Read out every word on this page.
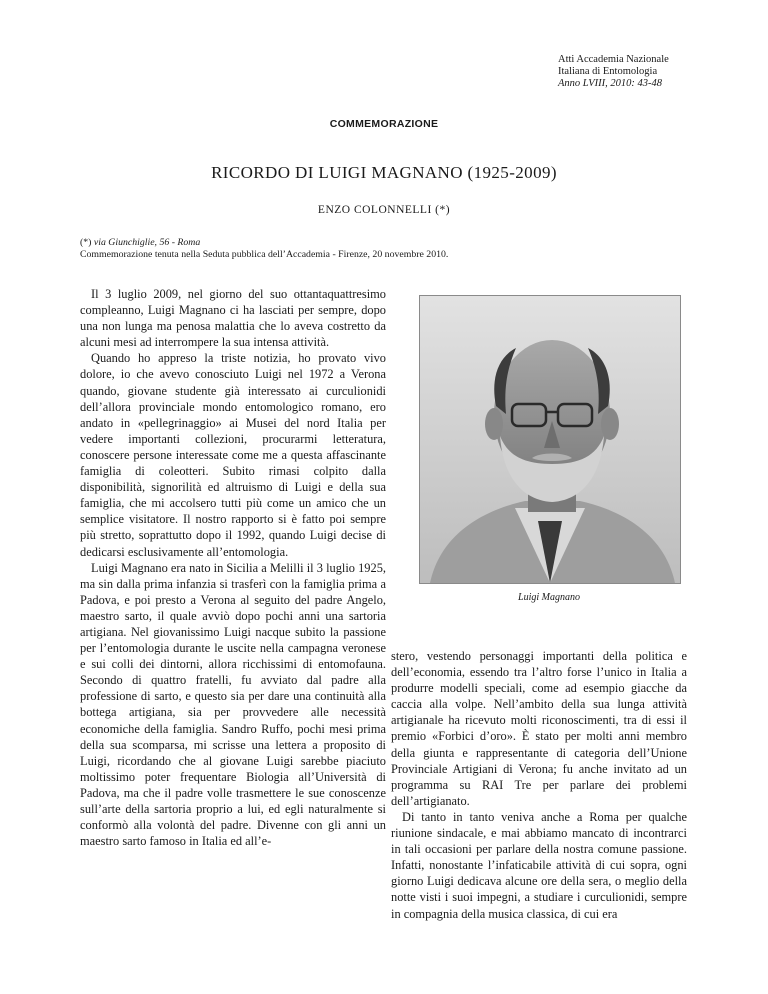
Atti Accademia Nazionale
Italiana di Entomologia
Anno LVIII, 2010: 43-48
COMMEMORAZIONE
RICORDO DI LUIGI MAGNANO (1925-2009)
ENZO COLONNELLI (*)
(*) via Giunchiglie, 56 - Roma
Commemorazione tenuta nella Seduta pubblica dell’Accademia - Firenze, 20 novembre 2010.

Il 3 luglio 2009, nel giorno del suo ottantaquattresimo compleanno, Luigi Magnano ci ha lasciati per sempre, dopo una non lunga ma penosa malattia che lo aveva costretto da alcuni mesi ad interrompere la sua intensa attività.

Quando ho appreso la triste notizia, ho provato vivo dolore, io che avevo conosciuto Luigi nel 1972 a Verona quando, giovane studente già interessato ai curculionidi dell’allora provinciale mondo entomologico romano, ero andato in «pellegrinaggio» ai Musei del nord Italia per vedere importanti collezioni, procurarmi letteratura, conoscere persone interessate come me a questa affascinante famiglia di coleotteri. Subito rimasi colpito dalla disponibilità, signorilità ed altruismo di Luigi e della sua famiglia, che mi accolsero tutti più come un amico che un semplice visitatore. Il nostro rapporto si è fatto poi sempre più stretto, soprattutto dopo il 1992, quando Luigi decise di dedicarsi esclusivamente all’entomologia.

Luigi Magnano era nato in Sicilia a Melilli il 3 luglio 1925, ma sin dalla prima infanzia si trasferì con la famiglia prima a Padova, e poi presto a Verona al seguito del padre Angelo, maestro sarto, il quale avviò dopo pochi anni una sartoria artigiana. Nel giovanissimo Luigi nacque subito la passione per l’entomologia durante le uscite nella campagna veronese e sui colli dei dintorni, allora ricchissimi di entomofauna. Secondo di quattro fratelli, fu avviato dal padre alla professione di sarto, e questo sia per dare una continuità alla bottega artigiana, sia per provvedere alle necessità economiche della famiglia. Sandro Ruffo, pochi mesi prima della sua scomparsa, mi scrisse una lettera a proposito di Luigi, ricordando che al giovane Luigi sarebbe piaciuto moltissimo poter frequentare Biologia all’Università di Padova, ma che il padre volle trasmettere le sue conoscenze sull’arte della sartoria proprio a lui, ed egli naturalmente si conformò alla volontà del padre. Divenne con gli anni un maestro sarto famoso in Italia ed all’e-

Luigi Magnano

stero, vestendo personaggi importanti della politica e dell’economia, essendo tra l’altro forse l’unico in Italia a produrre modelli speciali, come ad esempio giacche da caccia alla volpe. Nell’ambito della sua lunga attività artigianale ha ricevuto molti riconoscimenti, tra di essi il premio «Forbici d’oro». È stato per molti anni membro della giunta e rappresentante di categoria dell’Unione Provinciale Artigiani di Verona; fu anche invitato ad un programma su RAI Tre per parlare dei problemi dell’artigianato.

Di tanto in tanto veniva anche a Roma per qualche riunione sindacale, e mai abbiamo mancato di incontrarci in tali occasioni per parlare della nostra comune passione. Infatti, nonostante l’infaticabile attività di cui sopra, ogni giorno Luigi dedicava alcune ore della sera, o meglio della notte visti i suoi impegni, a studiare i curculionidi, sempre in compagnia della musica classica, di cui era
